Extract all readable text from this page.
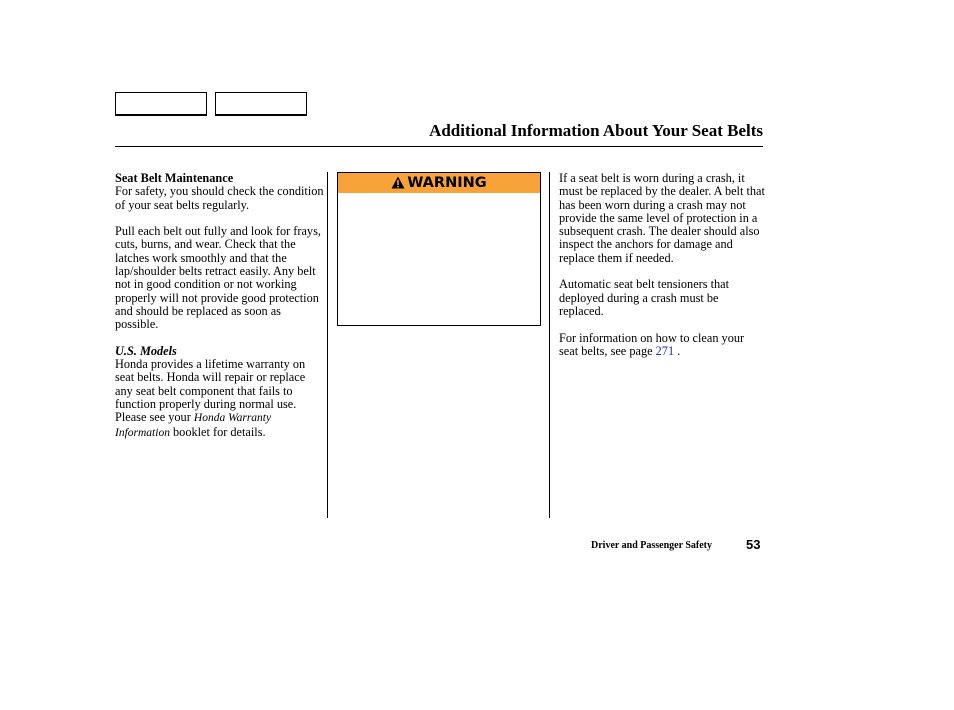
Additional Information About Your Seat Belts

Seat Belt Maintenance
For safety, you should check the condition of your seat belts regularly.

Pull each belt out fully and look for frays, cuts, burns, and wear. Check that the latches work smoothly and that the lap/shoulder belts retract easily. Any belt not in good condition or not working properly will not provide good protection and should be replaced as soon as possible.

U.S. Models
Honda provides a lifetime warranty on seat belts. Honda will repair or replace any seat belt component that fails to function properly during normal use. Please see your Honda Warranty Information booklet for details.

WARNING	If a seat belt is worn during a crash, it must be replaced by the dealer. A belt that has been worn during a crash may not provide the same level of protection in a subsequent crash. The dealer should also inspect the anchors for damage and replace them if needed.

Automatic seat belt tensioners that deployed during a crash must be replaced.

For information on how to clean your seat belts, see page 271 .

Driver and Passenger Safety	53
